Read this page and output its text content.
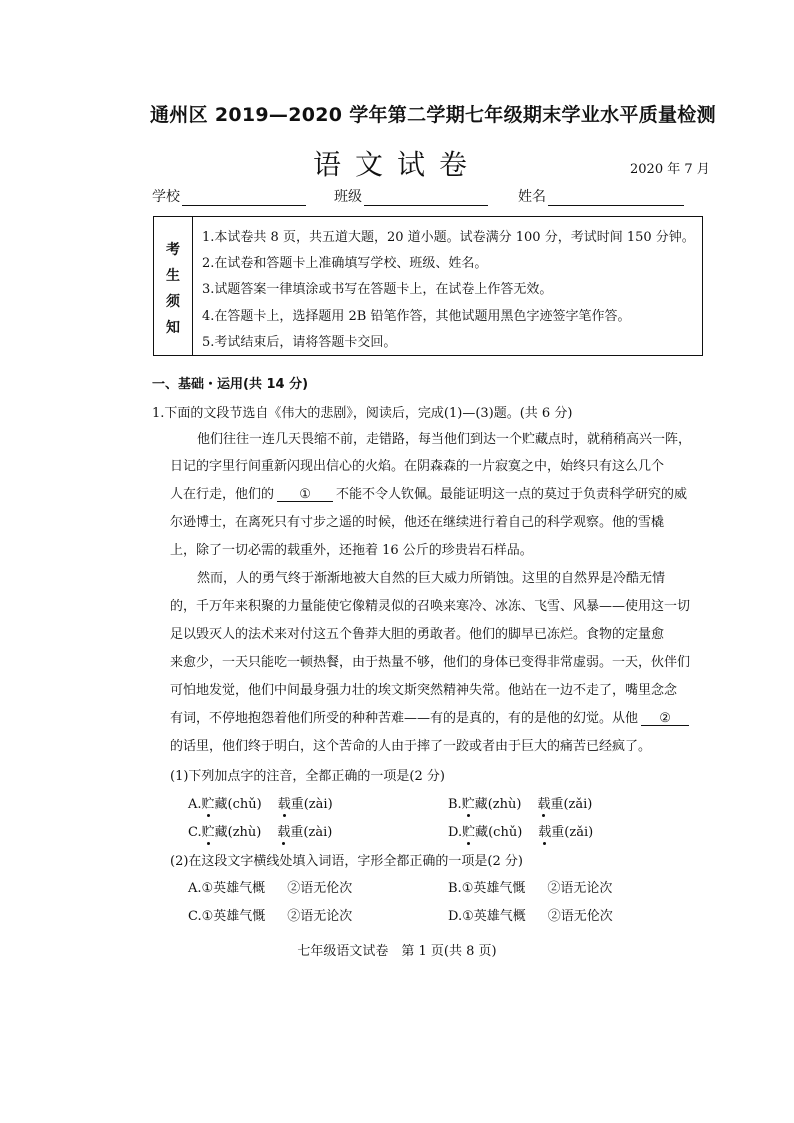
通州区 2019—2020 学年第二学期七年级期末学业水平质量检测
语文试卷	2020 年 7 月
学校	班级	姓名
考
生
须
知
1.本试卷共 8 页，共五道大题，20 道小题。试卷满分 100 分，考试时间 150 分钟。
2.在试卷和答题卡上准确填写学校、班级、姓名。
3.试题答案一律填涂或书写在答题卡上，在试卷上作答无效。
4.在答题卡上，选择题用 2B 铅笔作答，其他试题用黑色字迹签字笔作答。
5.考试结束后，请将答题卡交回。
一、基础・运用(共 14 分)
1.下面的文段节选自《伟大的悲剧》，阅读后，完成(1)—(3)题。(共 6 分)
他们往往一连几天畏缩不前，走错路，每当他们到达一个贮藏点时，就稍稍高兴一阵，
日记的字里行间重新闪现出信心的火焰。在阴森森的一片寂寞之中，始终只有这么几个
人在行走，他们的 ① 不能不令人钦佩。最能证明这一点的莫过于负责科学研究的威
尔逊博士，在离死只有寸步之遥的时候，他还在继续进行着自己的科学观察。他的雪橇
上，除了一切必需的载重外，还拖着 16 公斤的珍贵岩石样品。
然而，人的勇气终于渐渐地被大自然的巨大威力所销蚀。这里的自然界是冷酷无情
的，千万年来积聚的力量能使它像精灵似的召唤来寒冷、冰冻、飞雪、风暴——使用这一切
足以毁灭人的法术来对付这五个鲁莽大胆的勇敢者。他们的脚早已冻烂。食物的定量愈
来愈少，一天只能吃一顿热餐，由于热量不够，他们的身体已变得非常虚弱。一天，伙伴们
可怕地发觉，他们中间最身强力壮的埃文斯突然精神失常。他站在一边不走了，嘴里念念
有词，不停地抱怨着他们所受的种种苦难——有的是真的，有的是他的幻觉。从他 ②
的话里，他们终于明白，这个苦命的人由于摔了一跤或者由于巨大的痛苦已经疯了。
(1)下列加点字的注音，全都正确的一项是(2 分)
A.贮藏(chǔ) 载重(zài)	B.贮藏(zhù) 载重(zǎi)
C.贮藏(zhù) 载重(zài)	D.贮藏(chǔ) 载重(zǎi)
(2)在这段文字横线处填入词语，字形全都正确的一项是(2 分)
A.①英雄气概 ②语无伦次	B.①英雄气慨 ②语无论次
C.①英雄气慨 ②语无论次	D.①英雄气概 ②语无伦次
七年级语文试卷　第 1 页(共 8 页)
